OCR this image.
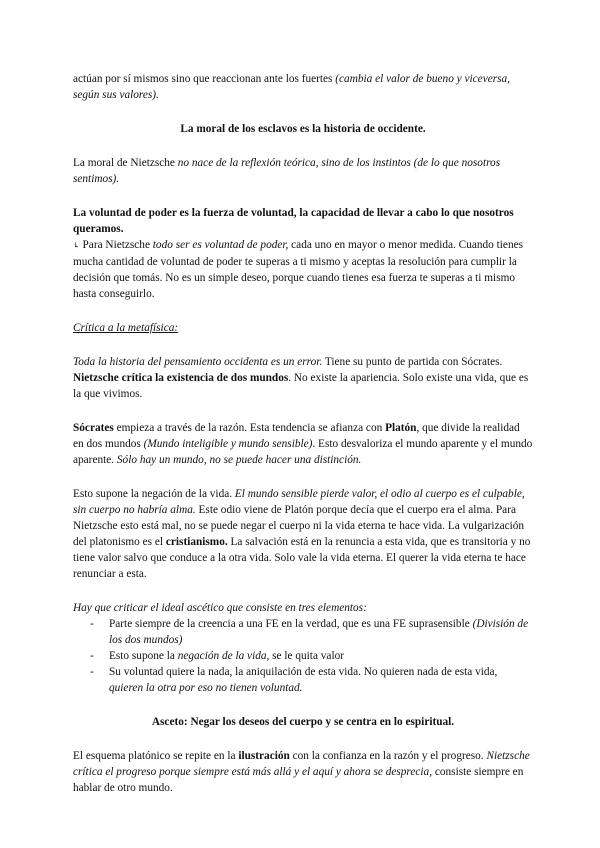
actúan por sí mismos sino que reaccionan ante los fuertes (cambia el valor de bueno y viceversa, según sus valores).

La moral de los esclavos es la historia de occidente.

La moral de Nietzsche no nace de la reflexión teórica, sino de los instintos (de lo que nosotros sentimos).

La voluntad de poder es la fuerza de voluntad, la capacidad de llevar a cabo lo que nosotros queramos.

↳ Para Nietzsche todo ser es voluntad de poder, cada uno en mayor o menor medida. Cuando tienes mucha cantidad de voluntad de poder te superas a ti mismo y aceptas la resolución para cumplir la decisión que tomás. No es un simple deseo, porque cuando tienes esa fuerza te superas a ti mismo hasta conseguirlo.

Crítica a la metafísica:

Toda la historia del pensamiento occidenta es un error. Tiene su punto de partida con Sócrates. Nietzsche crítica la existencia de dos mundos. No existe la apariencia. Solo existe una vida, que es la que vivimos.

Sócrates empieza a través de la razón. Esta tendencia se afianza con Platón, que divide la realidad en dos mundos (Mundo inteligible y mundo sensible). Esto desvaloriza el mundo aparente y el mundo aparente. Sólo hay un mundo, no se puede hacer una distinción.

Esto supone la negación de la vida. El mundo sensible pierde valor, el odio al cuerpo es el culpable, sin cuerpo no habría alma. Este odio viene de Platón porque decía que el cuerpo era el alma. Para Nietzsche esto está mal, no se puede negar el cuerpo ni la vida eterna te hace vida. La vulgarización del platonismo es el cristianismo. La salvación está en la renuncia a esta vida, que es transitoria y no tiene valor salvo que conduce a la otra vida. Solo vale la vida eterna. El querer la vida eterna te hace renunciar a esta.

Hay que criticar el ideal ascético que consiste en tres elementos:

- Parte siempre de la creencia a una FE en la verdad, que es una FE suprasensible (División de los dos mundos)
- Esto supone la negación de la vida, se le quita valor
- Su voluntad quiere la nada, la aniquilación de esta vida. No quieren nada de esta vida, quieren la otra por eso no tienen voluntad.

Asceto: Negar los deseos del cuerpo y se centra en lo espiritual.

El esquema platónico se repite en la ilustración con la confianza en la razón y el progreso. Nietzsche crítica el progreso porque siempre está más allá y el aquí y ahora se desprecia, consiste siempre en hablar de otro mundo.
